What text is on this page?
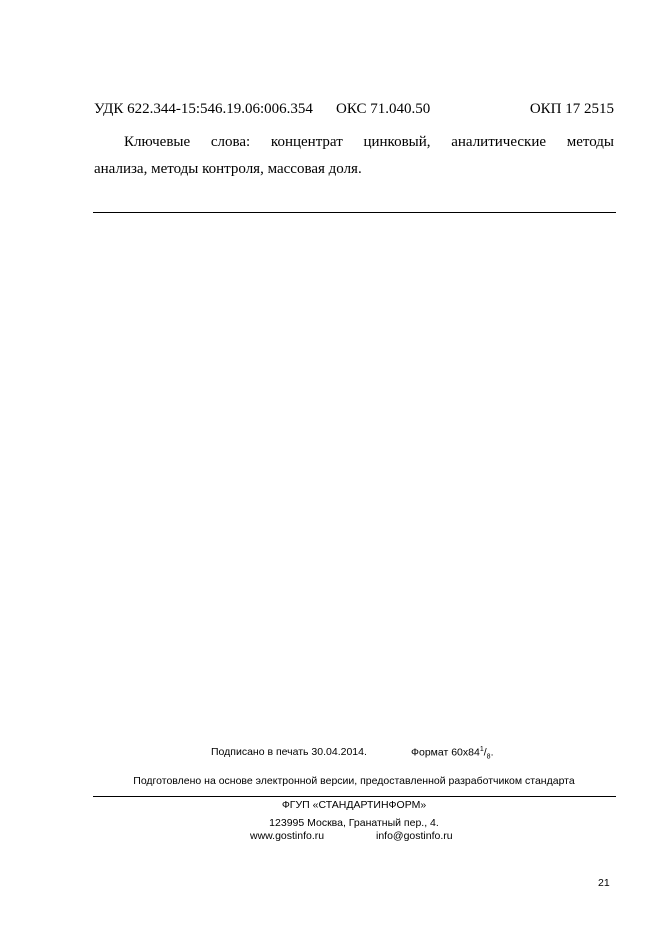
УДК 622.344-15:546.19.06:006.354 ОКС 71.040.50	ОКП 17 2515
Ключевые слова: концентрат цинковый, аналитические методы
анализа, методы контроля, массовая доля.
Подписано в печать 30.04.2014.	Формат $60x84^1/_8$.
Подготовлено на основе электронной версии, предоставленной разработчиком стандарта
ФГУП «СТАНДАРТИНФОРМ»
123995 Москва, Гранатный пер., 4.
www.gostinfo.ru	info@gostinfo.ru
21
